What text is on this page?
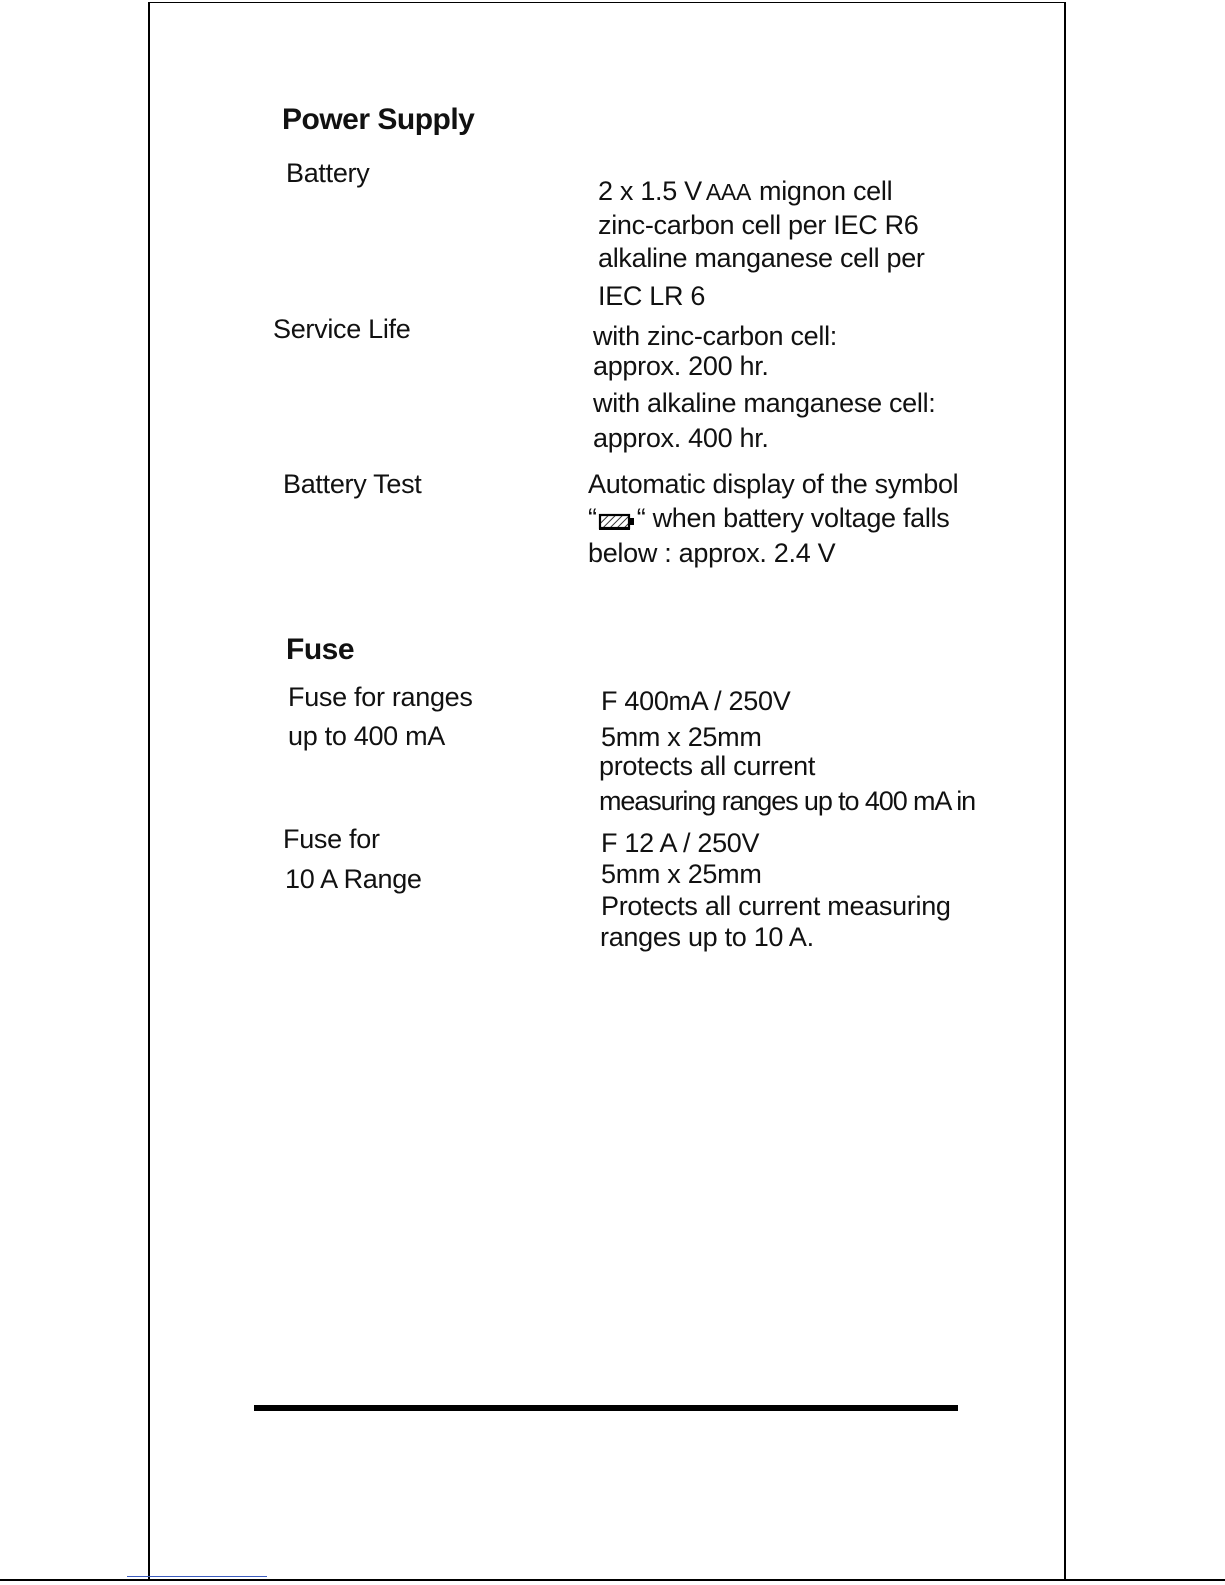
Power Supply
Battery
2 x 1.5 V AAA mignon cell
zinc-carbon cell per IEC R6
alkaline manganese cell per
IEC LR 6
Service Life	with zinc-carbon cell:
approx. 200 hr.
with alkaline manganese cell:
approx. 400 hr.
Battery Test	Automatic display of the symbol
“ “ when battery voltage falls
below : approx. 2.4 V
Fuse
Fuse for ranges
up to 400 mA
F 400mA / 250V
5mm x 25mm
protects all current
measuring ranges up to 400 mA in
Fuse for
10 A Range
F 12 A / 250V
5mm x 25mm
Protects all current measuring
ranges up to 10 A.
